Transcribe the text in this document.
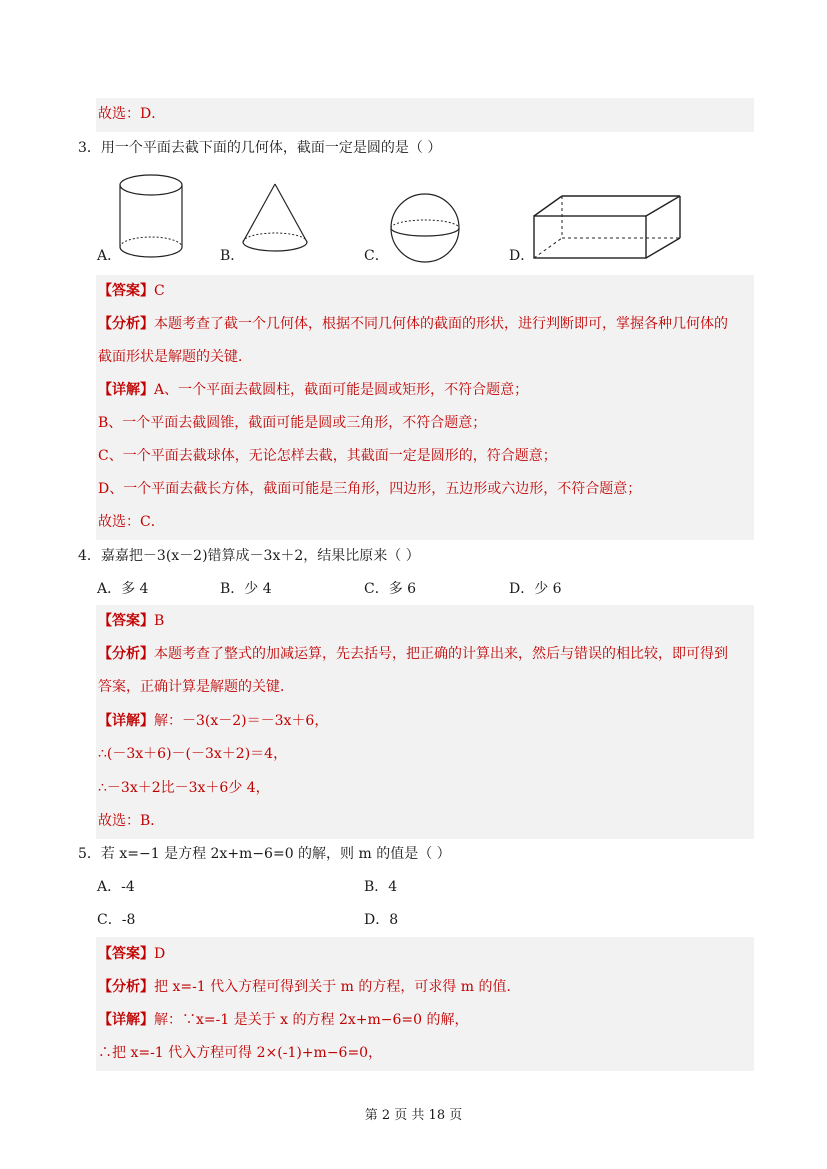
故选：D．
3．用一个平面去截下面的几何体，截面一定是圆的是（ ）
A．	B．	C．	D．
【答案】C
【分析】本题考查了截一个几何体，根据不同几何体的截面的形状，进行判断即可，掌握各种几何体的
截面形状是解题的关键．
【详解】A、一个平面去截圆柱，截面可能是圆或矩形，不符合题意；
B、一个平面去截圆锥，截面可能是圆或三角形，不符合题意；
C、一个平面去截球体，无论怎样去截，其截面一定是圆形的，符合题意；
D、一个平面去截长方体，截面可能是三角形，四边形，五边形或六边形，不符合题意；
故选：C．
4．嘉嘉把－3(x－2)错算成－3x＋2，结果比原来（ ）
A．多 4	B．少 4	C．多 6	D．少 6
【答案】B
【分析】本题考查了整式的加减运算，先去括号，把正确的计算出来，然后与错误的相比较，即可得到
答案，正确计算是解题的关键．
【详解】解：－3(x－2)＝－3x＋6，
∴(－3x＋6)－(－3x＋2)＝4，
∴－3x＋2比－3x＋6少 4，
故选：B．
5．若 x=−1 是方程 2x+m−6=0 的解，则 m 的值是（ ）
A．-4	B．4
C．-8	D．8
【答案】D
【分析】把 x=-1 代入方程可得到关于 m 的方程，可求得 m 的值．
【详解】解：∵x=-1 是关于 x 的方程 2x+m−6=0 的解，
∴把 x=-1 代入方程可得 2×(-1)+m−6=0，
第 2 页 共 18 页
